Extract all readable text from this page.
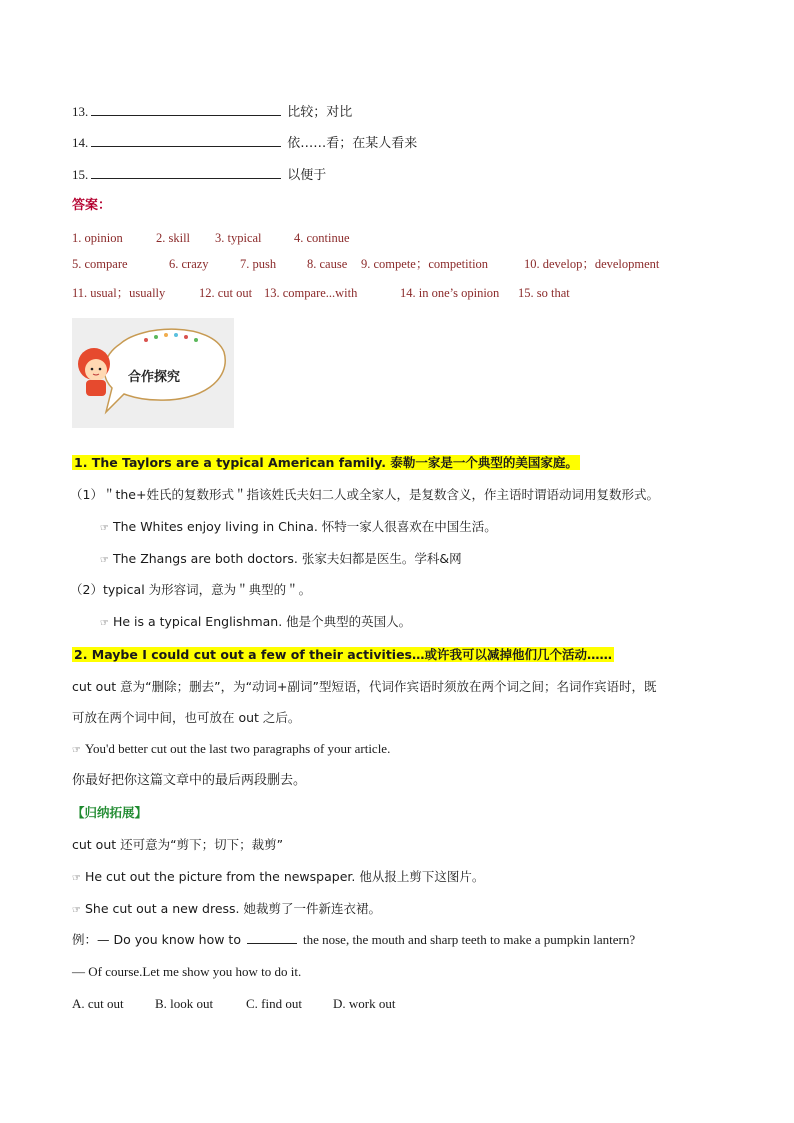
13.	比较；对比
14.	依……看；在某人看来
15.	以便于
答案：
1. opinion	2. skill 3. typical	4. continue
5. compare	6. crazy	7. push 8. cause 9. compete；competition	10. develop；development
11. usual；usually	12. cut out 13. compare...with	14. in one’s opinion 15. so that
合作探究
1. The Taylors are a typical American family. 泰勒一家是一个典型的美国家庭。
（1）＂the+姓氏的复数形式＂指该姓氏夫妇二人或全家人，是复数含义，作主语时谓语动词用复数形式。
☞ The Whites enjoy living in China. 怀特一家人很喜欢在中国生活。
☞ The Zhangs are both doctors. 张家夫妇都是医生。学科&网
（2）typical 为形容词，意为＂典型的＂。
☞ He is a typical Englishman. 他是个典型的英国人。
2. Maybe I could cut out a few of their activities…或许我可以减掉他们几个活动……
cut out 意为“删除；删去”，为“动词+副词”型短语，代词作宾语时须放在两个词之间；名词作宾语时，既
可放在两个词中间，也可放在 out 之后。
☞ You'd better cut out the last two paragraphs of your article.
你最好把你这篇文章中的最后两段删去。
【归纳拓展】
cut out 还可意为“剪下；切下；裁剪”
☞ He cut out the picture from the newspaper. 他从报上剪下这图片。
☞ She cut out a new dress. 她裁剪了一件新连衣裙。
例：— Do you know how to	the nose, the mouth and sharp teeth to make a pumpkin lantern?
— Of course.Let me show you how to do it.
A. cut out B. look out	C. find out D. work out
